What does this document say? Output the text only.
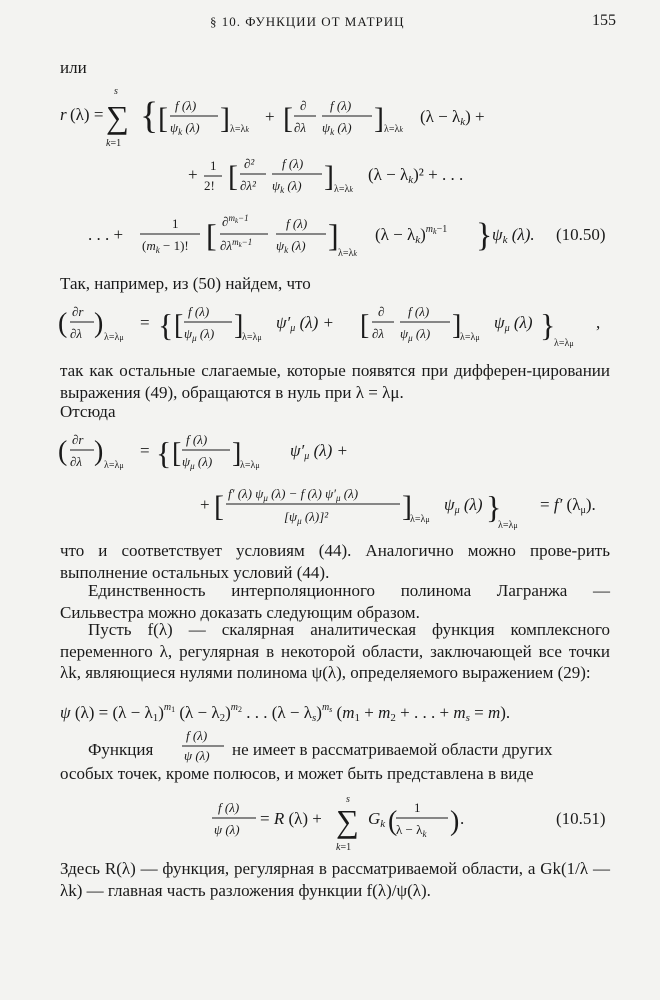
§ 10. ФУНКЦИИ ОТ МАТРИЦ	155
или
r (λ) =
s
∑
k=1
{ [ f (λ)
$\psi_k$ (λ) ] λ=λk
+ [ ∂
∂λ
f (λ)
$\psi_k$ (λ) ] λ=λk
(λ − λk) +
+ 1
2! [ ∂²
∂λ²
f (λ)
$\psi_k$ (λ) ] λ=λk
(λ − λk)² + . . .
. . . +
1
$(m_k - 1)$! [ ∂$^m$k−1
$\partial\lambda^mk-1$
f (λ)
$\psi_k$ (λ) ]
λ=λk
$(\lambda - \lambda k)^mk-1$ } ψk (λ). (10.50)
Так, например, из (50) найдем, что
( ∂r
∂λ ) λ=λμ
= { [ f (λ)
$\psi_\mu$ (λ) ]
λ=λμ
ψ′μ (λ) + [ ∂
∂λ
f (λ)
$\psi_\mu$ (λ) ]
λ=λμ
ψμ (λ) }
λ=λμ
,
так как остальные слагаемые, которые появятся при дифферен-цировании выражения (49), обращаются в нуль при λ = λμ.
Отсюда
( ∂r
∂λ ) λ=λμ
= { [ f (λ)
$\psi_\mu$ (λ) ]
λ=λμ
ψ′μ (λ) +
+ [ f′ (λ) $\psi_\mu$ (λ) − f (λ) $\psi'_\mu$ (λ)
[$\psi_\mu$ (λ)]² ]
λ=λμ
ψμ (λ) }
λ=λμ
= f′ (λμ).
что и соответствует условиям (44). Аналогично можно прове-рить выполнение остальных условий (44).
Единственность интерполяционного полинома Лагранжа — Сильвестра можно доказать следующим образом.
Пусть f(λ) — скалярная аналитическая функция комплексного переменного λ, регулярная в некоторой области, заключающей все точки λk, являющиеся нулями полинома ψ(λ), определяемого выражением (29):
ψ $(\lambda) = (\lambda - \lambda 1)^m1$ $(\lambda - \lambda 2)^m2$ . . . $(\lambda - \lambda s)^ms$ (m1 + m2 + . . . + ms = m).
Функция
f (λ)
ψ (λ) не имеет в рассматриваемой области других
особых точек, кроме полюсов, и может быть представлена в виде
f (λ)
ψ (λ)
= R (λ) +
s
∑
k=1
Gk ( 1
$\lambda - \lambda_k$ ) .	(10.51)
Здесь R(λ) — функция, регулярная в рассматриваемой области, а Gk(1/λ — λk) — главная часть разложения функции f(λ)/ψ(λ).
